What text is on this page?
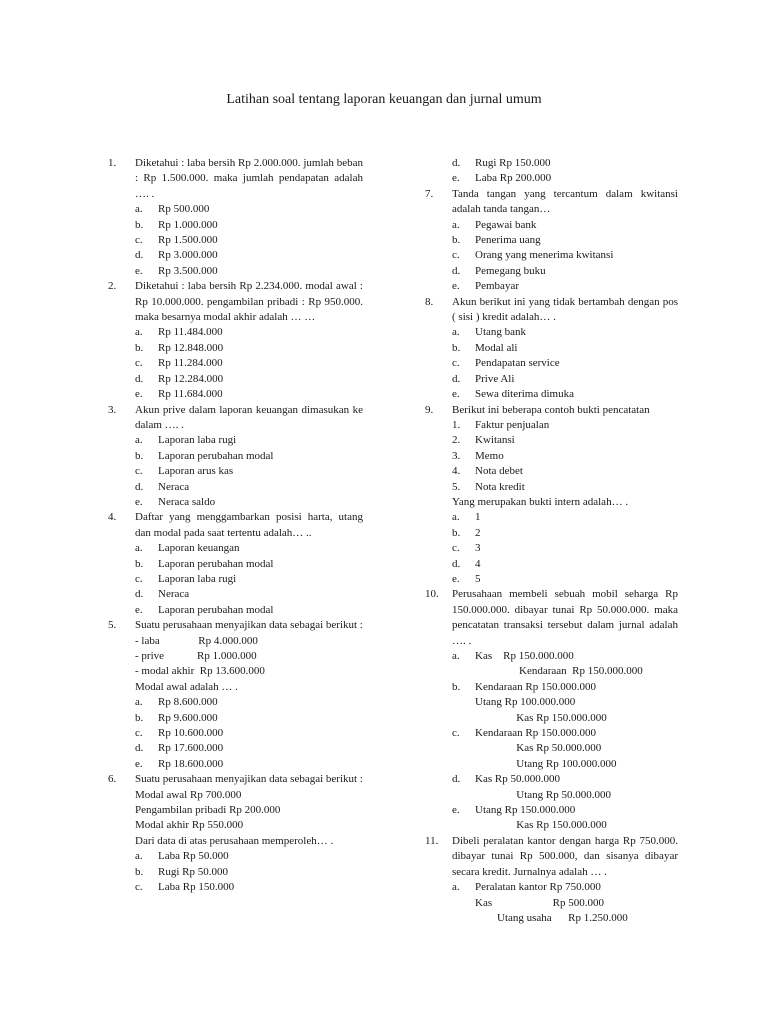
Latihan soal tentang laporan keuangan dan jurnal umum
1. Diketahui : laba bersih Rp 2.000.000. jumlah beban : Rp 1.500.000. maka jumlah pendapatan adalah …. .
a. Rp 500.000
b. Rp 1.000.000
c. Rp 1.500.000
d. Rp 3.000.000
e. Rp 3.500.000
2. Diketahui : laba bersih Rp 2.234.000. modal awal : Rp 10.000.000. pengambilan pribadi : Rp 950.000. maka besarnya modal akhir adalah … …
a. Rp 11.484.000
b. Rp 12.848.000
c. Rp 11.284.000
d. Rp 12.284.000
e. Rp 11.684.000
3. Akun prive dalam laporan keuangan dimasukan ke dalam …. .
a. Laporan laba rugi
b. Laporan perubahan modal
c. Laporan arus kas
d. Neraca
e. Neraca saldo
4. Daftar yang menggambarkan posisi harta, utang dan modal pada saat tertentu adalah… ..
a. Laporan keuangan
b. Laporan perubahan modal
c. Laporan laba rugi
d. Neraca
e. Laporan perubahan modal
5. Suatu perusahaan menyajikan data sebagai berikut :
- laba              Rp 4.000.000
- prive            Rp 1.000.000
- modal akhir  Rp 13.600.000
Modal awal adalah … .
a. Rp 8.600.000
b. Rp 9.600.000
c. Rp 10.600.000
d. Rp 17.600.000
e. Rp 18.600.000
6. Suatu perusahaan menyajikan data sebagai berikut :
Modal awal Rp 700.000
Pengambilan pribadi Rp 200.000
Modal akhir Rp 550.000
Dari data di atas perusahaan memperoleh… .
a. Laba Rp 50.000
b. Rugi Rp 50.000
c. Laba Rp 150.000
d. Rugi Rp 150.000
e. Laba Rp 200.000
7. Tanda tangan yang tercantum dalam kwitansi adalah tanda tangan…
a. Pegawai bank
b. Penerima uang
c. Orang yang menerima kwitansi
d. Pemegang buku
e. Pembayar
8. Akun berikut ini yang tidak bertambah dengan pos ( sisi ) kredit adalah… .
a. Utang bank
b. Modal ali
c. Pendapatan service
d. Prive Ali
e. Sewa diterima dimuka
9. Berikut ini beberapa contoh bukti pencatatan
1. Faktur penjualan
2. Kwitansi
3. Memo
4. Nota debet
5. Nota kredit
Yang merupakan bukti intern adalah… .
a. 1
b. 2
c. 3
d. 4
e. 5
10. Perusahaan membeli sebuah mobil seharga Rp 150.000.000. dibayar tunai Rp 50.000.000. maka pencatatan transaksi tersebut dalam jurnal adalah …. .
a. Kas    Rp 150.000.000
Kendaraan  Rp 150.000.000
b. Kendaraan Rp 150.000.000
Utang Rp 100.000.000
Kas Rp 150.000.000
c. Kendaraan Rp 150.000.000
Kas Rp 50.000.000
Utang Rp 100.000.000
d. Kas Rp 50.000.000
Utang Rp 50.000.000
e. Utang Rp 150.000.000
Kas Rp 150.000.000
11. Dibeli peralatan kantor dengan harga Rp 750.000. dibayar tunai Rp 500.000, dan sisanya dibayar secara kredit. Jurnalnya adalah … .
a. Peralatan kantor Rp 750.000
Kas                      Rp 500.000
Utang usaha      Rp 1.250.000
